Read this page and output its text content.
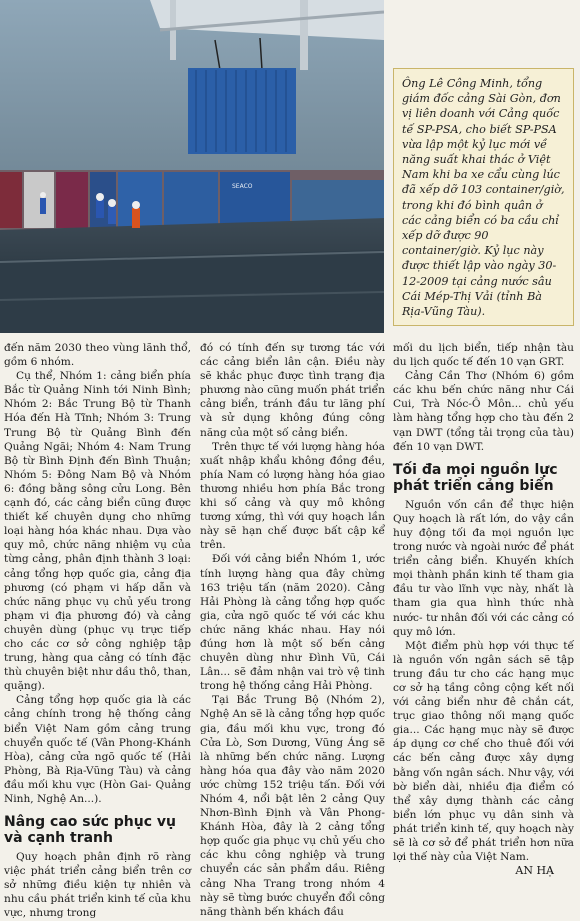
SEACO
Ông Lê Công Minh, tổng giám đốc cảng Sài Gòn, đơn vị liên doanh với Cảng quốc tế SP-PSA, cho biết SP-PSA vừa lập một kỷ lục mới về năng suất khai thác ở Việt Nam khi ba xe cẩu cùng lúc đã xếp dỡ 103 container/giờ, trong khi đó bình quân ở các cảng biển có ba cầu chỉ xếp dỡ được 90 container/giờ. Kỷ lục này được thiết lập vào ngày 30-12-2009 tại cảng nước sâu Cái Mép-Thị Vải (tỉnh Bà Rịa-Vũng Tàu).

đến năm 2030 theo vùng lãnh thổ, gồm 6 nhóm.

Cụ thể, Nhóm 1: cảng biển phía Bắc từ Quảng Ninh tới Ninh Bình; Nhóm 2: Bắc Trung Bộ từ Thanh Hóa đến Hà Tĩnh; Nhóm 3: Trung Trung Bộ từ Quảng Bình đến Quảng Ngãi; Nhóm 4: Nam Trung Bộ từ Bình Định đến Bình Thuận; Nhóm 5: Đông Nam Bộ và Nhóm 6: đồng bằng sông cửu Long. Bên cạnh đó, các cảng biển cũng được thiết kế chuyên dụng cho những loại hàng hóa khác nhau. Dựa vào quy mô, chức năng nhiệm vụ của từng cảng, phân định thành 3 loại: cảng tổng hợp quốc gia, cảng địa phương (có phạm vi hấp dẫn và chức năng phục vụ chủ yếu trong phạm vi địa phương đó) và cảng chuyên dùng (phục vụ trực tiếp cho các cơ sở công nghiệp tập trung, hàng qua cảng có tính đặc thù chuyên biệt như dầu thô, than, quặng).

Cảng tổng hợp quốc gia là các cảng chính trong hệ thống cảng biển Việt Nam gồm cảng trung chuyển quốc tế (Vân Phong-Khánh Hòa), cảng cửa ngõ quốc tế (Hải Phòng, Bà Rịa-Vũng Tàu) và cảng đầu mối khu vực (Hòn Gai- Quảng Ninh, Nghệ An...).

Nâng cao sức phục vụ và cạnh tranh

Quy hoạch phân định rõ ràng việc phát triển cảng biển trên cơ sở những điều kiện tự nhiên và nhu cầu phát triển kinh tế của khu vực, nhưng trong

đó có tính đến sự tương tác với các cảng biển lân cận. Điều này sẽ khắc phục được tình trạng địa phương nào cũng muốn phát triển cảng biển, tránh đầu tư lãng phí và sử dụng không đúng công năng của một số cảng biển.

Trên thực tế với lượng hàng hóa xuất nhập khẩu không đồng đều, phía Nam có lượng hàng hóa giao thương nhiều hơn phía Bắc trong khi số cảng và quy mô không tương xứng, thì với quy hoạch lần này sẽ hạn chế được bất cập kể trên.

Đối với cảng biển Nhóm 1, ước tính lượng hàng qua đây chừng 163 triệu tấn (năm 2020). Cảng Hải Phòng là cảng tổng hợp quốc gia, cửa ngõ quốc tế với các khu chức năng khác nhau. Hay nói đúng hơn là một số bến cảng chuyên dùng như Đình Vũ, Cái Lân... sẽ đảm nhận vai trò vệ tinh trong hệ thống cảng Hải Phòng.

Tại Bắc Trung Bộ (Nhóm 2), Nghệ An sẽ là cảng tổng hợp quốc gia, đầu mối khu vực, trong đó Cửa Lò, Sơn Dương, Vũng Áng sẽ là những bến chức năng. Lượng hàng hóa qua đây vào năm 2020 ước chừng 152 triệu tấn. Đối với Nhóm 4, nổi bật lên 2 cảng Quy Nhơn-Bình Định và Vân Phong-Khánh Hòa, đây là 2 cảng tổng hợp quốc gia phục vụ chủ yếu cho các khu công nghiệp và trung chuyển các sản phẩm dầu. Riêng cảng Nha Trang trong nhóm 4 này sẽ từng bước chuyển đổi công năng thành bến khách đầu

mối du lịch biển, tiếp nhận tàu du lịch quốc tế đến 10 vạn GRT.

Cảng Cần Thơ (Nhóm 6) gồm các khu bến chức năng như Cái Cui, Trà Nóc-Ô Môn... chủ yếu làm hàng tổng hợp cho tàu đến 2 vạn DWT (tổng tải trọng của tàu) đến 10 vạn DWT.

Tối đa mọi nguồn lực phát triển cảng biển

Nguồn vốn cần để thực hiện Quy hoạch là rất lớn, do vậy cần huy động tối đa mọi nguồn lực trong nước và ngoài nước để phát triển cảng biển. Khuyến khích mọi thành phần kinh tế tham gia đầu tư vào lĩnh vực này, nhất là tham gia qua hình thức nhà nước- tư nhân đối với các cảng có quy mô lớn.

Một điểm phù hợp với thực tế là nguồn vốn ngân sách sẽ tập trung đầu tư cho các hạng mục cơ sở hạ tầng công cộng kết nối với cảng biển như đê chắn cát, trục giao thông nối mạng quốc gia... Các hạng mục này sẽ được áp dụng cơ chế cho thuê đối với các bến cảng được xây dựng bằng vốn ngân sách. Như vậy, với bờ biển dài, nhiều địa điểm có thể xây dựng thành các cảng biển lớn phục vụ dân sinh và phát triển kinh tế, quy hoạch này sẽ là cơ sở để phát triển hơn nữa lợi thế này của Việt Nam.

AN HẠ
